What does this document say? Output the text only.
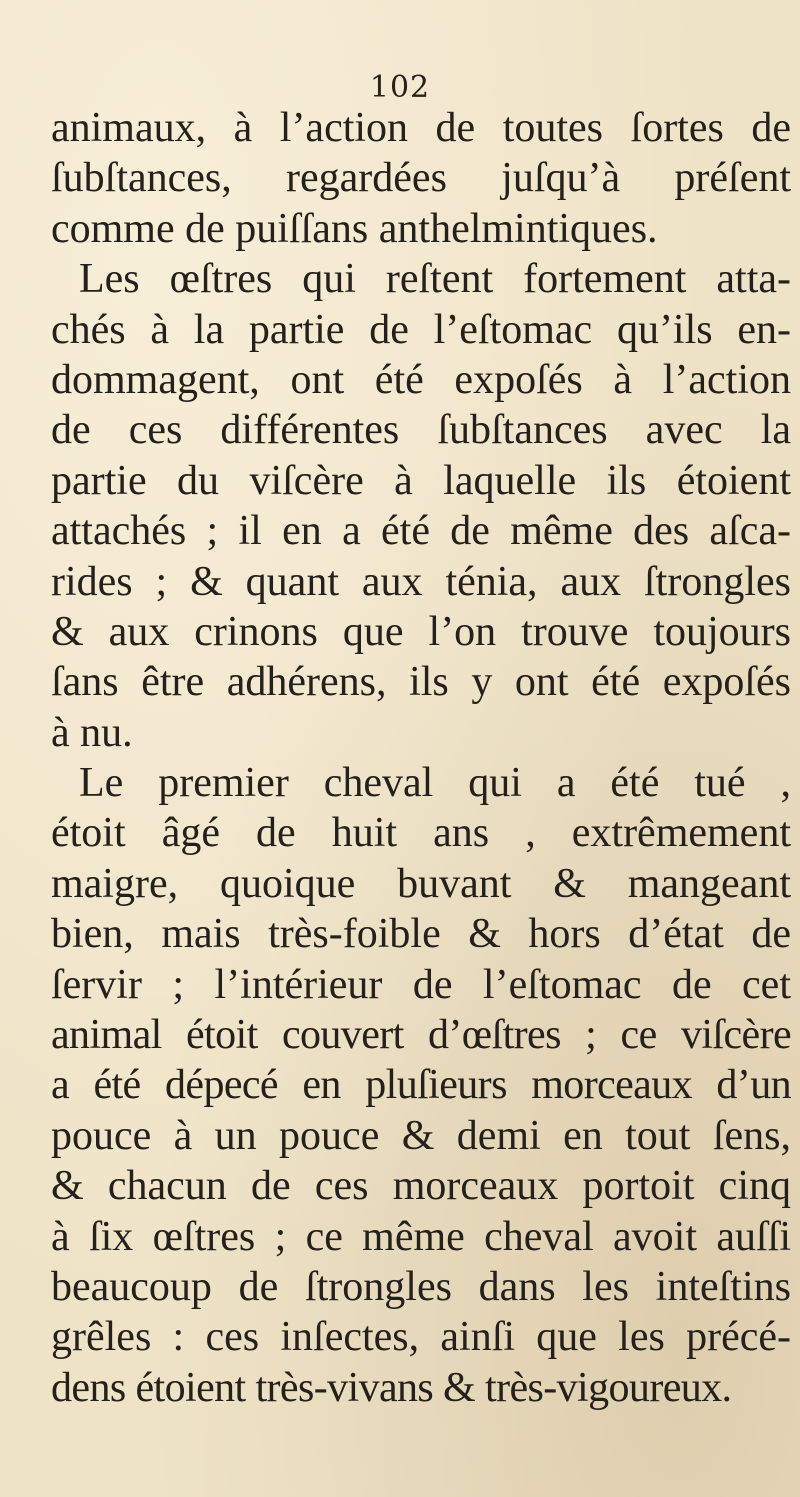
102
animaux, à l’action de toutes ſortes de
ſubſtances, regardées juſqu’à préſent
comme de puiſſans anthelmintiques.
Les œſtres qui reſtent fortement atta-
chés à la partie de l’eſtomac qu’ils en-
dommagent, ont été expoſés à l’action
de ces différentes ſubſtances avec la
partie du viſcère à laquelle ils étoient
attachés ; il en a été de même des aſca-
rides ; & quant aux ténia, aux ſtrongles
& aux crinons que l’on trouve toujours
ſans être adhérens, ils y ont été expoſés
à nu.
Le premier cheval qui a été tué ,
étoit âgé de huit ans , extrêmement
maigre, quoique buvant & mangeant
bien, mais très-foible & hors d’état de
ſervir ; l’intérieur de l’eſtomac de cet
animal étoit couvert d’œſtres ; ce viſcère
a été dépecé en pluſieurs morceaux d’un
pouce à un pouce & demi en tout ſens,
& chacun de ces morceaux portoit cinq
à ſix œſtres ; ce même cheval avoit auſſi
beaucoup de ſtrongles dans les inteſtins
grêles : ces inſectes, ainſi que les précé-
dens étoient très-vivans & très-vigoureux.
